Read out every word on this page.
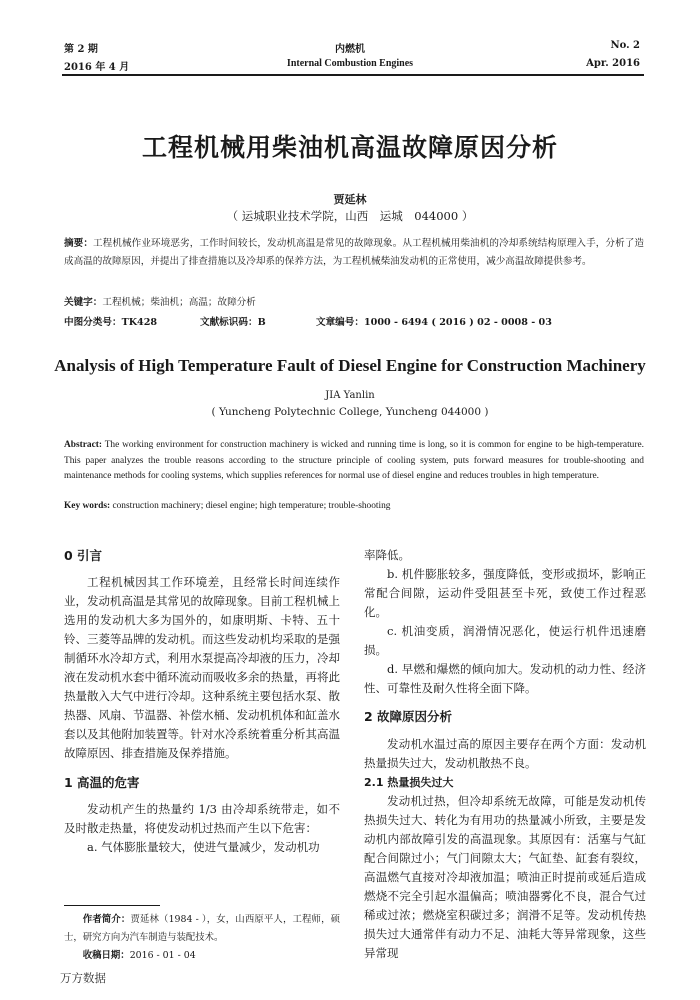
第 2 期	内燃机	No. 2
2016 年 4 月	Internal Combustion Engines	Apr. 2016
工程机械用柴油机高温故障原因分析
贾延林
（ 运城职业技术学院，山西　运城　044000 ）
摘要：工程机械作业环境恶劣，工作时间较长，发动机高温是常见的故障现象。从工程机械用柴油机的冷却系统结构原理入手，分析了造成高温的故障原因，并提出了排查措施以及冷却系的保养方法，为工程机械柴油发动机的正常使用，减少高温故障提供参考。
关键字：工程机械；柴油机；高温；故障分析
中图分类号：TK428	文献标识码：B	文章编号：1000 - 6494 ( 2016 ) 02 - 0008 - 03
Analysis of High Temperature Fault of Diesel Engine for Construction Machinery
JIA Yanlin
( Yuncheng Polytechnic College, Yuncheng 044000 )
Abstract: The working environment for construction machinery is wicked and running time is long, so it is common for engine to be high-temperature. This paper analyzes the trouble reasons according to the structure principle of cooling system, puts forward measures for trouble-shooting and maintenance methods for cooling systems, which supplies references for normal use of diesel engine and reduces troubles in high temperature.
Key words: construction machinery; diesel engine; high temperature; trouble-shooting
0 引言

工程机械因其工作环境差，且经常长时间连续作业，发动机高温是其常见的故障现象。目前工程机械上选用的发动机大多为国外的，如康明斯、卡特、五十铃、三菱等品牌的发动机。而这些发动机均采取的是强制循环水冷却方式，利用水泵提高冷却液的压力，冷却液在发动机水套中循环流动而吸收多余的热量，再将此热量散入大气中进行冷却。这种系统主要包括水泵、散热器、风扇、节温器、补偿水桶、发动机机体和缸盖水套以及其他附加装置等。针对水冷系统着重分析其高温故障原因、排查措施及保养措施。

1 高温的危害

发动机产生的热量约 1/3 由冷却系统带走，如不及时散走热量，将使发动机过热而产生以下危害：

a. 气体膨胀量较大，使进气量减少，发动机功

作者简介：贾延林（1984 - ），女，山西原平人，工程师，硕士，研究方向为汽车制造与装配技术。
收稿日期：2016 - 01 - 04

率降低。

b. 机件膨胀较多，强度降低，变形或损坏，影响正常配合间隙，运动件受阻甚至卡死，致使工作过程恶化。

c. 机油变质，润滑情况恶化，使运行机件迅速磨损。

d. 早燃和爆燃的倾向加大。发动机的动力性、经济性、可靠性及耐久性将全面下降。

2 故障原因分析

发动机水温过高的原因主要存在两个方面：发动机热量损失过大，发动机散热不良。

2.1 热量损失过大

发动机过热，但冷却系统无故障，可能是发动机传热损失过大、转化为有用功的热量减小所致，主要是发动机内部故障引发的高温现象。其原因有：活塞与气缸配合间隙过小；气门间隙太大；气缸垫、缸套有裂纹，高温燃气直接对冷却液加温；喷油正时提前或延后造成燃烧不完全引起水温偏高；喷油器雾化不良，混合气过稀或过浓；燃烧室积碳过多；润滑不足等。发动机传热损失过大通常伴有动力不足、油耗大等异常现象，这些异常现

万方数据
